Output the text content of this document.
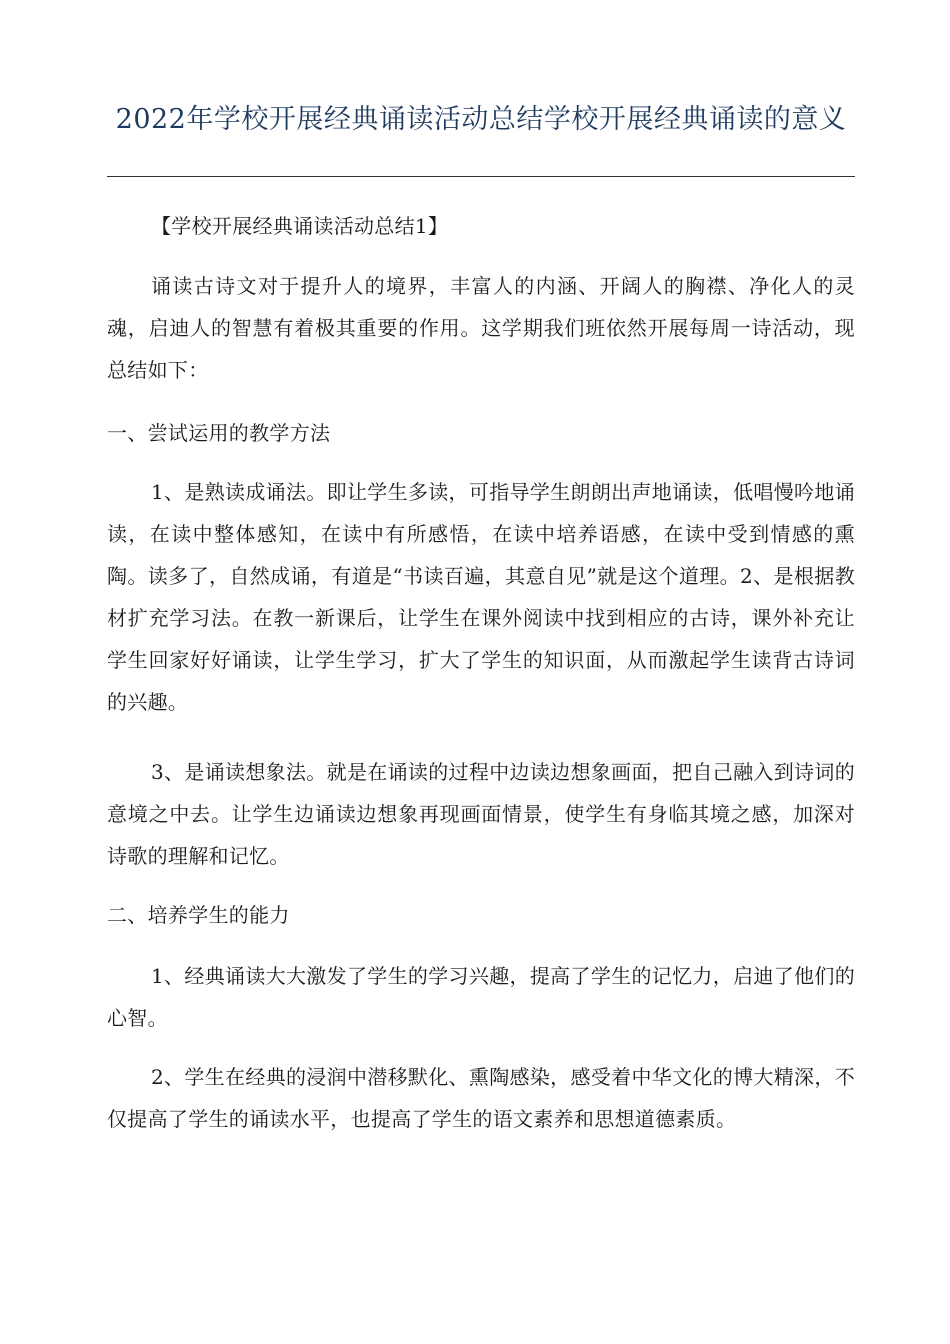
2022年学校开展经典诵读活动总结学校开展经典诵读的意义

【学校开展经典诵读活动总结1】

诵读古诗文对于提升人的境界，丰富人的内涵、开阔人的胸襟、净化人的灵魂，启迪人的智慧有着极其重要的作用。这学期我们班依然开展每周一诗活动，现总结如下：

一、尝试运用的教学方法

1、是熟读成诵法。即让学生多读，可指导学生朗朗出声地诵读，低唱慢吟地诵读，在读中整体感知，在读中有所感悟，在读中培养语感，在读中受到情感的熏陶。读多了，自然成诵，有道是“书读百遍，其意自见”就是这个道理。2、是根据教材扩充学习法。在教一新课后，让学生在课外阅读中找到相应的古诗，课外补充让学生回家好好诵读，让学生学习，扩大了学生的知识面，从而激起学生读背古诗词的兴趣。

3、是诵读想象法。就是在诵读的过程中边读边想象画面，把自己融入到诗词的意境之中去。让学生边诵读边想象再现画面情景，使学生有身临其境之感，加深对诗歌的理解和记忆。

二、培养学生的能力

1、经典诵读大大激发了学生的学习兴趣，提高了学生的记忆力，启迪了他们的心智。

2、学生在经典的浸润中潜移默化、熏陶感染，感受着中华文化的博大精深，不仅提高了学生的诵读水平，也提高了学生的语文素养和思想道德素质。
